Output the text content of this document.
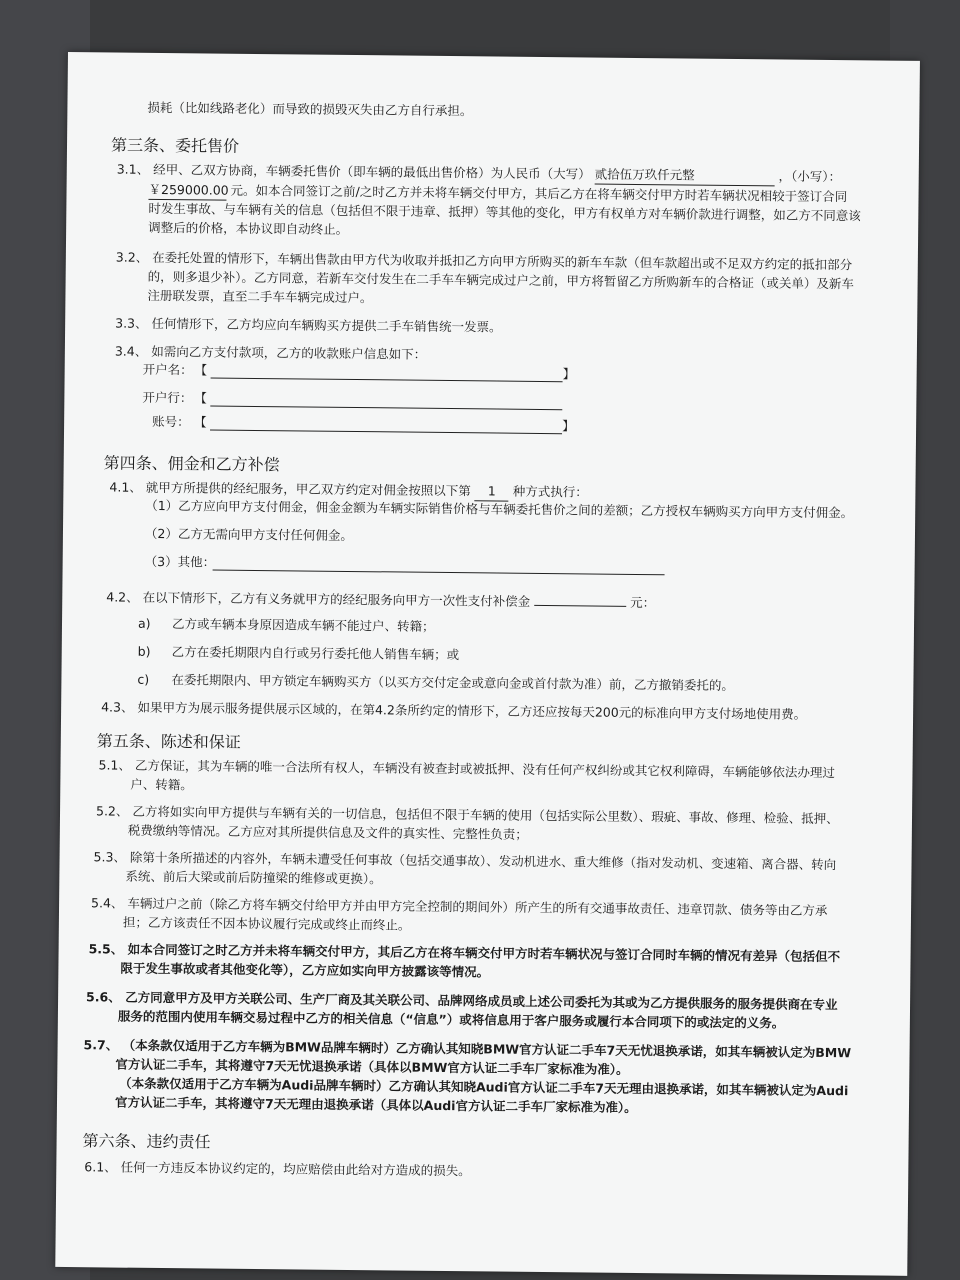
损耗（比如线路老化）而导致的损毁灭失由乙方自行承担。
第三条、委托售价
3.1、 经甲、乙双方协商，车辆委托售价（即车辆的最低出售价格）为人民币（大写） 贰拾伍万玖仟元整	，（小写）：
￥259000.00 元。如本合同签订之前/之时乙方并未将车辆交付甲方，其后乙方在将车辆交付甲方时若车辆状况相较于签订合同
时发生事故、与车辆有关的信息（包括但不限于违章、抵押）等其他的变化，甲方有权单方对车辆价款进行调整，如乙方不同意该
调整后的价格，本协议即自动终止。
3.2、 在委托处置的情形下，车辆出售款由甲方代为收取并抵扣乙方向甲方所购买的新车车款（但车款超出或不足双方约定的抵扣部分
的，则多退少补）。乙方同意，若新车交付发生在二手车车辆完成过户之前，甲方将暂留乙方所购新车的合格证（或关单）及新车
注册联发票，直至二手车车辆完成过户。
3.3、 任何情形下，乙方均应向车辆购买方提供二手车销售统一发票。
3.4、 如需向乙方支付款项，乙方的收款账户信息如下：
开户名： 【	】
开户行： 【
账号： 【	】
第四条、佣金和乙方补偿
4.1、 就甲方所提供的经纪服务，甲乙双方约定对佣金按照以下第 1 种方式执行：
（1）乙方应向甲方支付佣金，佣金金额为车辆实际销售价格与车辆委托售价之间的差额；乙方授权车辆购买方向甲方支付佣金。
（2）乙方无需向甲方支付任何佣金。
（3）其他：
4.2、 在以下情形下，乙方有义务就甲方的经纪服务向甲方一次性支付补偿金	元：
a) 乙方或车辆本身原因造成车辆不能过户、转籍；
b) 乙方在委托期限内自行或另行委托他人销售车辆；或
c) 在委托期限内、甲方锁定车辆购买方（以买方交付定金或意向金或首付款为准）前，乙方撤销委托的。
4.3、 如果甲方为展示服务提供展示区域的，在第4.2条所约定的情形下，乙方还应按每天200元的标准向甲方支付场地使用费。
第五条、陈述和保证
5.1、 乙方保证，其为车辆的唯一合法所有权人，车辆没有被查封或被抵押、没有任何产权纠纷或其它权利障碍，车辆能够依法办理过
户、转籍。
5.2、 乙方将如实向甲方提供与车辆有关的一切信息，包括但不限于车辆的使用（包括实际公里数）、瑕疵、事故、修理、检验、抵押、
税费缴纳等情况。乙方应对其所提供信息及文件的真实性、完整性负责；
5.3、 除第十条所描述的内容外，车辆未遭受任何事故（包括交通事故）、发动机进水、重大维修（指对发动机、变速箱、离合器、转向
系统、前后大梁或前后防撞梁的维修或更换）。
5.4、 车辆过户之前（除乙方将车辆交付给甲方并由甲方完全控制的期间外）所产生的所有交通事故责任、违章罚款、债务等由乙方承
担；乙方该责任不因本协议履行完成或终止而终止。
5.5、 如本合同签订之时乙方并未将车辆交付甲方，其后乙方在将车辆交付甲方时若车辆状况与签订合同时车辆的情况有差异（包括但不
限于发生事故或者其他变化等），乙方应如实向甲方披露该等情况。
5.6、 乙方同意甲方及甲方关联公司、生产厂商及其关联公司、品牌网络成员或上述公司委托为其或为乙方提供服务的服务提供商在专业
服务的范围内使用车辆交易过程中乙方的相关信息（“信息”）或将信息用于客户服务或履行本合同项下的或法定的义务。
5.7、 （本条款仅适用于乙方车辆为BMW品牌车辆时）乙方确认其知晓BMW官方认证二手车7天无忧退换承诺，如其车辆被认定为BMW
官方认证二手车，其将遵守7天无忧退换承诺（具体以BMW官方认证二手车厂家标准为准）。
（本条款仅适用于乙方车辆为Audi品牌车辆时）乙方确认其知晓Audi官方认证二手车7天无理由退换承诺，如其车辆被认定为Audi
官方认证二手车，其将遵守7天无理由退换承诺（具体以Audi官方认证二手车厂家标准为准）。
第六条、违约责任
6.1、 任何一方违反本协议约定的，均应赔偿由此给对方造成的损失。
